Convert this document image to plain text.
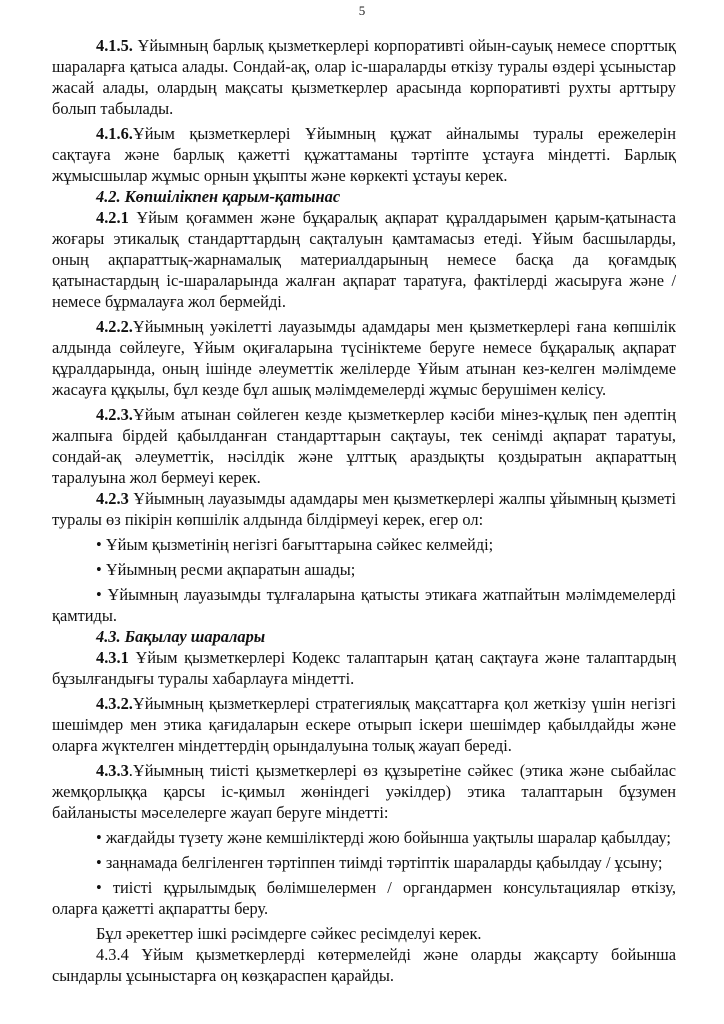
5

4.1.5. Ұйымның барлық қызметкерлері корпоративті ойын-сауық немесе спорттық шараларға қатыса алады. Сондай-ақ, олар іс-шараларды өткізу туралы өздері ұсыныстар жасай алады, олардың мақсаты қызметкерлер арасында корпоративті рухты арттыру болып табылады.

4.1.6.Ұйым қызметкерлері Ұйымның құжат айналымы туралы ережелерін сақтауға және барлық қажетті құжаттаманы тәртіпте ұстауға міндетті. Барлық жұмысшылар жұмыс орнын ұқыпты және көркекті ұстауы керек.

4.2. Көпшілікпен қарым-қатынас

4.2.1 Ұйым қоғаммен және бұқаралық ақпарат құралдарымен қарым-қатынаста жоғары этикалық стандарттардың сақталуын қамтамасыз етеді. Ұйым басшыларды, оның ақпараттық-жарнамалық материалдарының немесе басқа да қоғамдық қатынастардың іс-шараларында жалған ақпарат таратуға, фактілерді жасыруға және / немесе бұрмалауға жол бермейді.

4.2.2.Ұйымның уәкілетті лауазымды адамдары мен қызметкерлері ғана көпшілік алдында сөйлеуге, Ұйым оқиғаларына түсініктеме беруге немесе бұқаралық ақпарат құралдарында, оның ішінде әлеуметтік желілерде Ұйым атынан кез-келген мәлімдеме жасауға құқылы, бұл кезде бұл ашық мәлімдемелерді жұмыс берушімен келісу.

4.2.3.Ұйым атынан сөйлеген кезде қызметкерлер кәсіби мінез-құлық пен әдептің жалпыға бірдей қабылданған стандарттарын сақтауы, тек сенімді ақпарат таратуы, сондай-ақ әлеуметтік, нәсілдік және ұлттық араздықты қоздыратын ақпараттың таралуына жол бермеуі керек.

4.2.3 Ұйымның лауазымды адамдары мен қызметкерлері жалпы ұйымның қызметі туралы өз пікірін көпшілік алдында білдірмеуі керек, егер ол:

• Ұйым қызметінің негізгі бағыттарына сәйкес келмейді;

• Ұйымның ресми ақпаратын ашады;

• Ұйымның лауазымды тұлғаларына қатысты этикаға жатпайтын мәлімдемелерді қамтиды.

4.3. Бақылау шаралары

4.3.1 Ұйым қызметкерлері Кодекс талаптарын қатаң сақтауға және талаптардың бұзылғандығы туралы хабарлауға міндетті.

4.3.2.Ұйымның қызметкерлері стратегиялық мақсаттарға қол жеткізу үшін негізгі шешімдер мен этика қағидаларын ескере отырып іскери шешімдер қабылдайды және оларға жүктелген міндеттердің орындалуына толық жауап береді.

4.3.3.Ұйымның тиісті қызметкерлері өз құзыретіне сәйкес (этика және сыбайлас жемқорлыққа қарсы іс-қимыл жөніндегі уәкілдер) этика талаптарын бұзумен байланысты мәселелерге жауап беруге міндетті:

• жағдайды түзету және кемшіліктерді жою бойынша уақтылы шаралар қабылдау;

• заңнамада белгіленген тәртіппен тиімді тәртіптік шараларды қабылдау / ұсыну;

• тиісті құрылымдық бөлімшелермен / органдармен консультациялар өткізу, оларға қажетті ақпаратты беру.

Бұл әрекеттер ішкі рәсімдерге сәйкес ресімделуі керек.

4.3.4 Ұйым қызметкерлерді көтермелейді және оларды жақсарту бойынша сындарлы ұсыныстарға оң көзқараспен қарайды.
